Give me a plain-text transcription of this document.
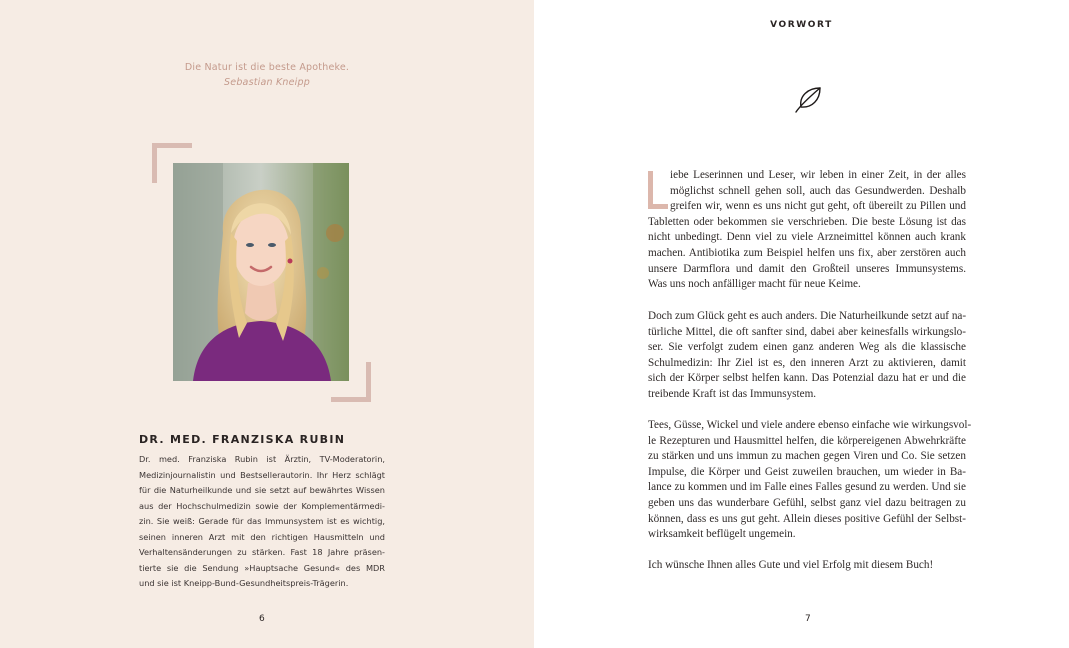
Die Natur ist die beste Apotheke.
Sebastian Kneipp
DR. MED. FRANZISKA RUBIN
Dr. med. Franziska Rubin ist Ärztin, TV-Moderatorin,
Medizinjournalistin und Bestsellerautorin. Ihr Herz schlägt
für die Naturheilkunde und sie setzt auf bewährtes Wissen
aus der Hochschulmedizin sowie der Komplementärmedi-
zin. Sie weiß: Gerade für das Immunsystem ist es wichtig,
seinen inneren Arzt mit den richtigen Hausmitteln und
Verhaltensänderungen zu stärken. Fast 18 Jahre präsen-
tierte sie die Sendung »Hauptsache Gesund« des MDR
und sie ist Kneipp-Bund-Gesundheitspreis-Trägerin.
6
VORWORT
iebe Leserinnen und Leser, wir leben in einer Zeit, in der alles
möglichst schnell gehen soll, auch das Gesundwerden. Deshalb
greifen wir, wenn es uns nicht gut geht, oft übereilt zu Pillen und
Tabletten oder bekommen sie verschrieben. Die beste Lösung ist das
nicht unbedingt. Denn viel zu viele Arzneimittel können auch krank
machen. Antibiotika zum Beispiel helfen uns fix, aber zerstören auch
unsere Darmflora und damit den Großteil unseres Immunsystems.
Was uns noch anfälliger macht für neue Keime.
Doch zum Glück geht es auch anders. Die Naturheilkunde setzt auf na-
türliche Mittel, die oft sanfter sind, dabei aber keinesfalls wirkungslo-
ser. Sie verfolgt zudem einen ganz anderen Weg als die klassische
Schulmedizin: Ihr Ziel ist es, den inneren Arzt zu aktivieren, damit
sich der Körper selbst helfen kann. Das Potenzial dazu hat er und die
treibende Kraft ist das Immunsystem.
Tees, Güsse, Wickel und viele andere ebenso einfache wie wirkungsvol-
le Rezepturen und Hausmittel helfen, die körpereigenen Abwehrkräfte
zu stärken und uns immun zu machen gegen Viren und Co. Sie setzen
Impulse, die Körper und Geist zuweilen brauchen, um wieder in Ba-
lance zu kommen und im Falle eines Falles gesund zu werden. Und sie
geben uns das wunderbare Gefühl, selbst ganz viel dazu beitragen zu
können, dass es uns gut geht. Allein dieses positive Gefühl der Selbst-
wirksamkeit beflügelt ungemein.
Ich wünsche Ihnen alles Gute und viel Erfolg mit diesem Buch!
7
